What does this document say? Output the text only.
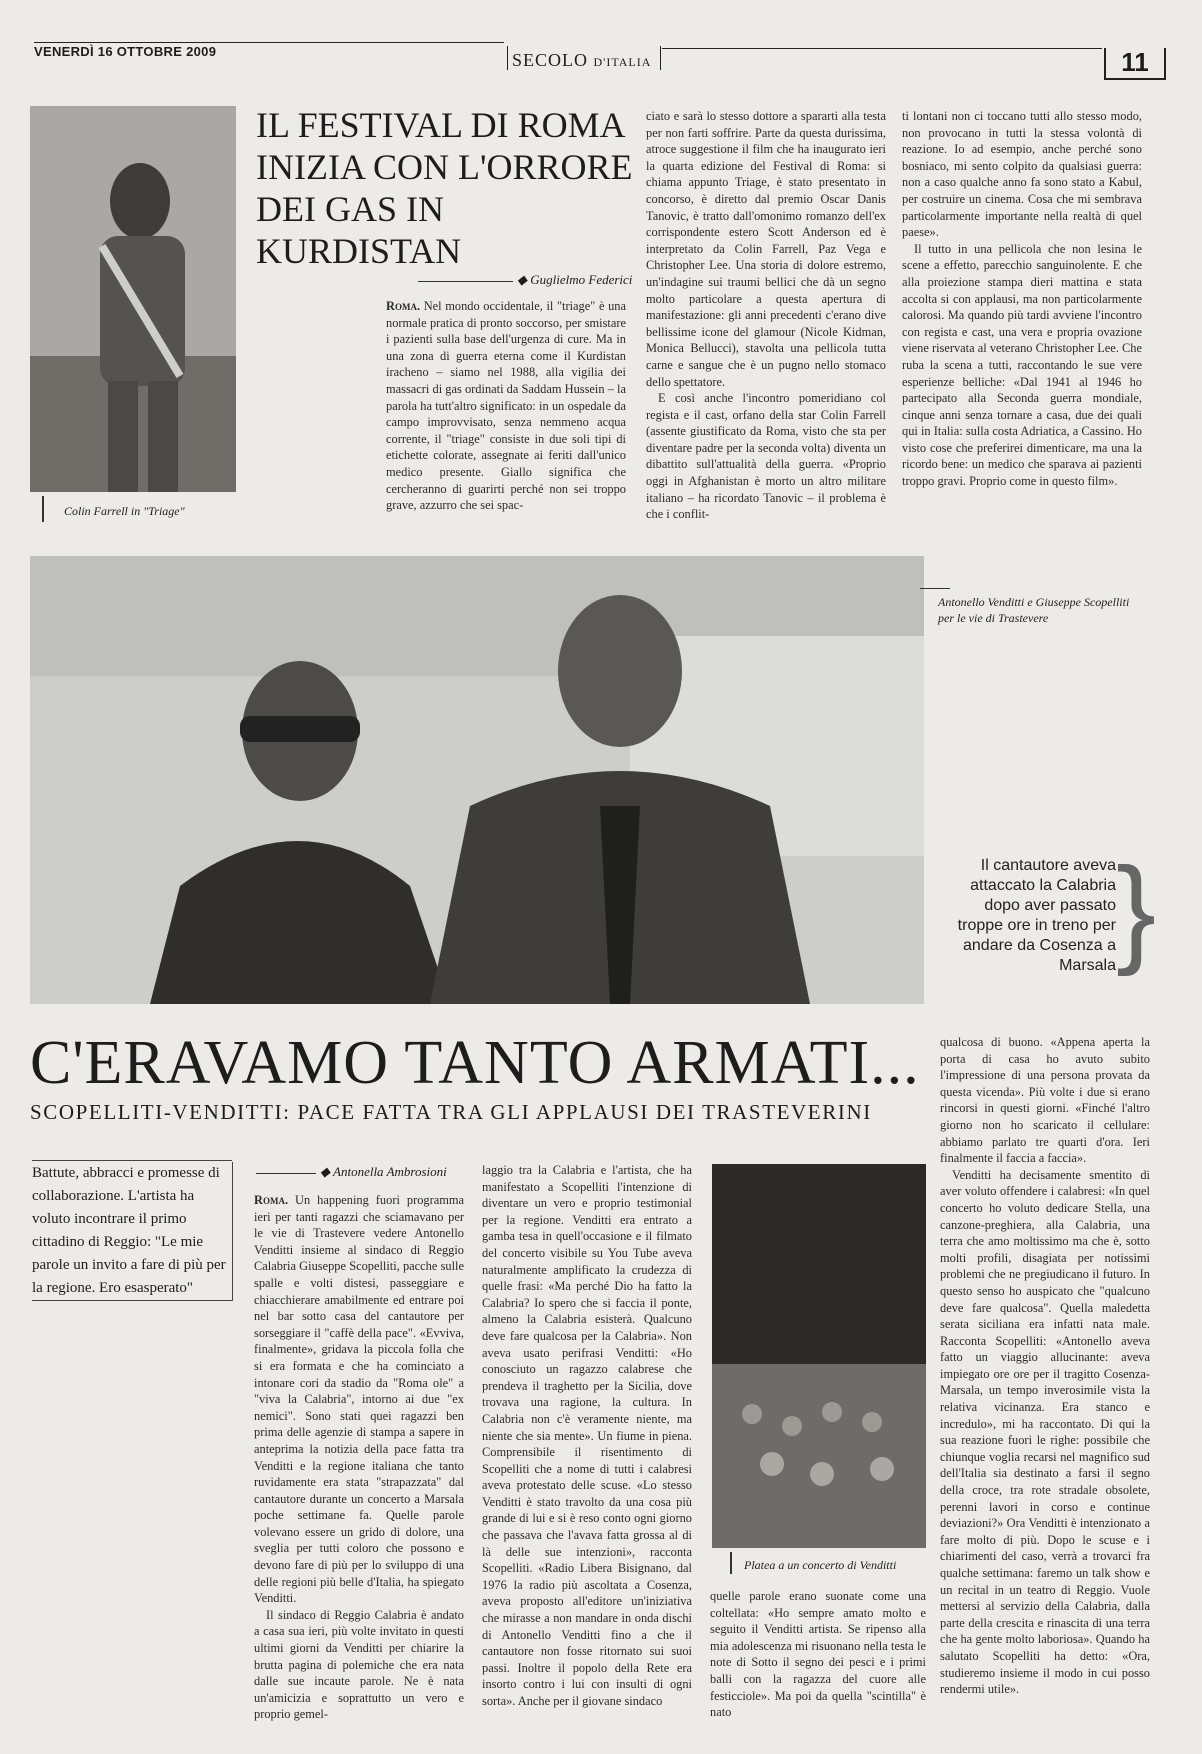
VENERDÌ 16 OTTOBRE 2009	SECOLO D'ITALIA	11
Colin Farrell in "Triage"
IL FESTIVAL DI ROMA INIZIA CON L'ORRORE DEI GAS IN KURDISTAN
◆ Guglielmo Federici

Roma. Nel mondo occidentale, il "triage" è una normale pratica di pronto soccorso, per smistare i pazienti sulla base dell'urgenza di cure. Ma in una zona di guerra eterna come il Kurdistan iracheno – siamo nel 1988, alla vigilia dei massacri di gas ordinati da Saddam Hussein – la parola ha tutt'altro significato: in un ospedale da campo improvvisato, senza nemmeno acqua corrente, il "triage" consiste in due soli tipi di etichette colorate, assegnate ai feriti dall'unico medico presente. Giallo significa che cercheranno di guarirti perché non sei troppo grave, azzurro che sei spac-

ciato e sarà lo stesso dottore a spararti alla testa per non farti soffrire. Parte da questa durissima, atroce suggestione il film che ha inaugurato ieri la quarta edizione del Festival di Roma: si chiama appunto Triage, è stato presentato in concorso, è diretto dal premio Oscar Danis Tanovic, è tratto dall'omonimo romanzo dell'ex corrispondente estero Scott Anderson ed è interpretato da Colin Farrell, Paz Vega e Christopher Lee. Una storia di dolore estremo, un'indagine sui traumi bellici che dà un segno molto particolare a questa apertura di manifestazione: gli anni precedenti c'erano dive bellissime icone del glamour (Nicole Kidman, Monica Bellucci), stavolta una pellicola tutta carne e sangue che è un pugno nello stomaco dello spettatore.

E così anche l'incontro pomeridiano col regista e il cast, orfano della star Colin Farrell (assente giustificato da Roma, visto che sta per diventare padre per la seconda volta) diventa un dibattito sull'attualità della guerra. «Proprio oggi in Afghanistan è morto un altro militare italiano – ha ricordato Tanovic – il problema è che i conflit-

ti lontani non ci toccano tutti allo stesso modo, non provocano in tutti la stessa volontà di reazione. Io ad esempio, anche perché sono bosniaco, mi sento colpito da qualsiasi guerra: non a caso qualche anno fa sono stato a Kabul, per costruire un cinema. Cosa che mi sembrava particolarmente importante nella realtà di quel paese».

Il tutto in una pellicola che non lesina le scene a effetto, parecchio sanguinolente. E che alla proiezione stampa dieri mattina e stata accolta si con applausi, ma non particolarmente calorosi. Ma quando più tardi avviene l'incontro con regista e cast, una vera e propria ovazione viene riservata al veterano Christopher Lee. Che ruba la scena a tutti, raccontando le sue vere esperienze belliche: «Dal 1941 al 1946 ho partecipato alla Seconda guerra mondiale, cinque anni senza tornare a casa, due dei quali qui in Italia: sulla costa Adriatica, a Cassino. Ho visto cose che preferirei dimenticare, ma una la ricordo bene: un medico che sparava ai pazienti troppo gravi. Proprio come in questo film».

Antonello Venditti e Giuseppe Scopelliti per le vie di Trastevere
Il cantautore aveva attaccato la Calabria dopo aver passato troppe ore in treno per andare da Cosenza a Marsala }
C'ERAVAMO TANTO ARMATI...
SCOPELLITI-VENDITTI: PACE FATTA TRA GLI APPLAUSI DEI TRASTEVERINI
Battute, abbracci e promesse di collaborazione. L'artista ha voluto incontrare il primo cittadino di Reggio: "Le mie parole un invito a fare di più per la regione. Ero esasperato"
◆ Antonella Ambrosioni

Roma. Un happening fuori programma ieri per tanti ragazzi che sciamavano per le vie di Trastevere vedere Antonello Venditti insieme al sindaco di Reggio Calabria Giuseppe Scopelliti, pacche sulle spalle e volti distesi, passeggiare e chiacchierare amabilmente ed entrare poi nel bar sotto casa del cantautore per sorseggiare il "caffè della pace". «Evviva, finalmente», gridava la piccola folla che si era formata e che ha cominciato a intonare cori da stadio da "Roma ole" a "viva la Calabria", intorno ai due "ex nemici". Sono stati quei ragazzi ben prima delle agenzie di stampa a sapere in anteprima la notizia della pace fatta tra Venditti e la regione italiana che tanto ruvidamente era stata "strapazzata" dal cantautore durante un concerto a Marsala poche settimane fa. Quelle parole volevano essere un grido di dolore, una sveglia per tutti coloro che possono e devono fare di più per lo sviluppo di una delle regioni più belle d'Italia, ha spiegato Venditti.

Il sindaco di Reggio Calabria è andato a casa sua ieri, più volte invitato in questi ultimi giorni da Venditti per chiarire la brutta pagina di polemiche che era nata dalle sue incaute parole. Ne è nata un'amicizia e soprattutto un vero e proprio gemel-

laggio tra la Calabria e l'artista, che ha manifestato a Scopelliti l'intenzione di diventare un vero e proprio testimonial per la regione. Venditti era entrato a gamba tesa in quell'occasione e il filmato del concerto visibile su You Tube aveva naturalmente amplificato la crudezza di quelle frasi: «Ma perché Dio ha fatto la Calabria? Io spero che si faccia il ponte, almeno la Calabria esisterà. Qualcuno deve fare qualcosa per la Calabria». Non aveva usato perifrasi Venditti: «Ho conosciuto un ragazzo calabrese che prendeva il traghetto per la Sicilia, dove trovava una ragione, la cultura. In Calabria non c'è veramente niente, ma niente che sia mente». Un fiume in piena. Comprensibile il risentimento di Scopelliti che a nome di tutti i calabresi aveva protestato delle scuse. «Lo stesso Venditti è stato travolto da una cosa più grande di lui e si è reso conto ogni giorno che passava che l'avava fatta grossa al di là delle sue intenzioni», racconta Scopelliti. «Radio Libera Bisignano, dal 1976 la radio più ascoltata a Cosenza, aveva proposto all'editore un'iniziativa che mirasse a non mandare in onda dischi di Antonello Venditti fino a che il cantautore non fosse ritornato sui suoi passi. Inoltre il popolo della Rete era insorto contro i lui con insulti di ogni sorta». Anche per il giovane sindaco

Platea a un concerto di Venditti

quelle parole erano suonate come una coltellata: «Ho sempre amato molto e seguito il Venditti artista. Se ripenso alla mia adolescenza mi risuonano nella testa le note di Sotto il segno dei pesci e i primi balli con la ragazza del cuore alle festicciole». Ma poi da quella "scintilla" è nato

qualcosa di buono. «Appena aperta la porta di casa ho avuto subito l'impressione di una persona provata da questa vicenda». Più volte i due si erano rincorsi in questi giorni. «Finché l'altro giorno non ho scaricato il cellulare: abbiamo parlato tre quarti d'ora. Ieri finalmente il faccia a faccia».

Venditti ha decisamente smentito di aver voluto offendere i calabresi: «In quel concerto ho voluto dedicare Stella, una canzone-preghiera, alla Calabria, una terra che amo moltissimo ma che è, sotto molti profili, disagiata per notissimi problemi che ne pregiudicano il futuro. In questo senso ho auspicato che "qualcuno deve fare qualcosa". Quella maledetta serata siciliana era infatti nata male. Racconta Scopelliti: «Antonello aveva fatto un viaggio allucinante: aveva impiegato ore ore per il tragitto Cosenza-Marsala, un tempo inverosimile vista la relativa vicinanza. Era stanco e incredulo», mi ha raccontato. Di qui la sua reazione fuori le righe: possibile che chiunque voglia recarsi nel magnifico sud dell'Italia sia destinato a farsi il segno della croce, tra rote stradale obsolete, perenni lavori in corso e continue deviazioni?» Ora Venditti è intenzionato a fare molto di più. Dopo le scuse e i chiarimenti del caso, verrà a trovarci fra qualche settimana: faremo un talk show e un recital in un teatro di Reggio. Vuole mettersi al servizio della Calabria, dalla parte della crescita e rinascita di una terra che ha gente molto laboriosa». Quando ha salutato Scopelliti ha detto: «Ora, studieremo insieme il modo in cui posso rendermi utile».
